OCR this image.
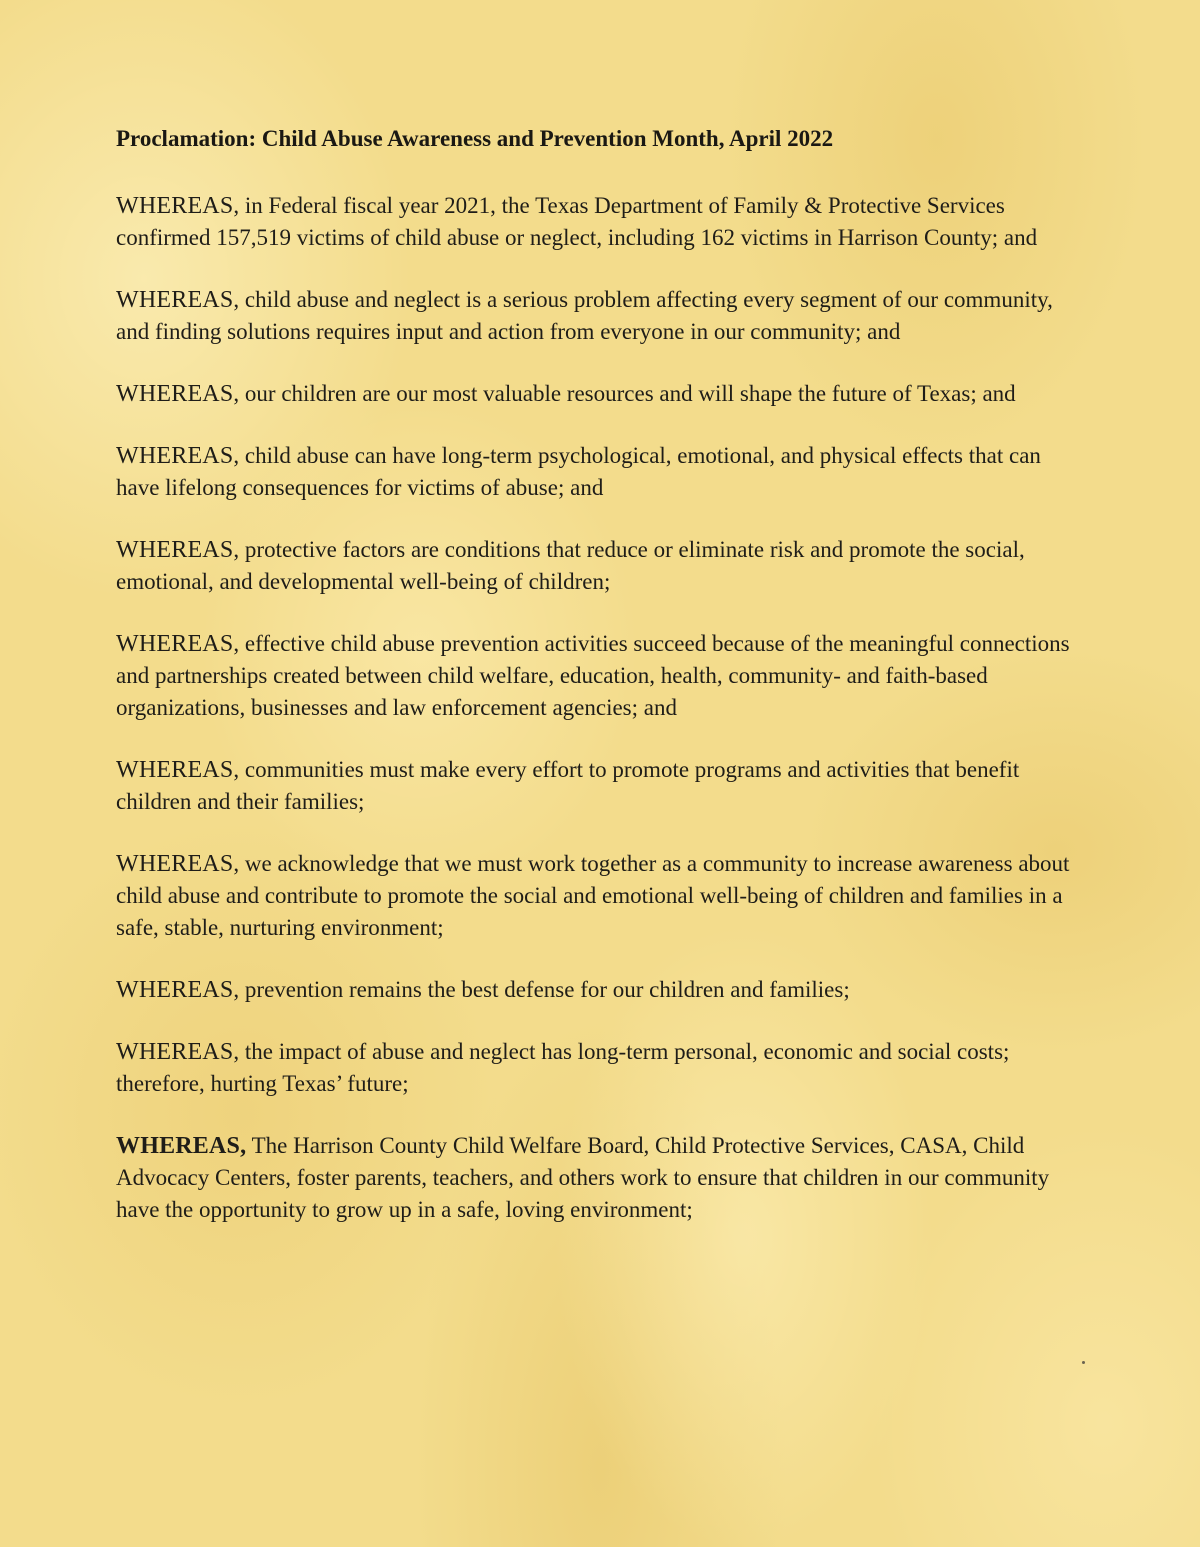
Proclamation: Child Abuse Awareness and Prevention Month, April 2022

WHEREAS, in Federal fiscal year 2021, the Texas Department of Family & Protective Services confirmed 157,519 victims of child abuse or neglect, including 162 victims in Harrison County; and

WHEREAS, child abuse and neglect is a serious problem affecting every segment of our community, and finding solutions requires input and action from everyone in our community; and

WHEREAS, our children are our most valuable resources and will shape the future of Texas; and

WHEREAS, child abuse can have long-term psychological, emotional, and physical effects that can have lifelong consequences for victims of abuse; and

WHEREAS, protective factors are conditions that reduce or eliminate risk and promote the social, emotional, and developmental well-being of children;

WHEREAS, effective child abuse prevention activities succeed because of the meaningful connections and partnerships created between child welfare, education, health, community- and faith-based organizations, businesses and law enforcement agencies; and

WHEREAS, communities must make every effort to promote programs and activities that benefit children and their families;

WHEREAS, we acknowledge that we must work together as a community to increase awareness about child abuse and contribute to promote the social and emotional well-being of children and families in a safe, stable, nurturing environment;

WHEREAS, prevention remains the best defense for our children and families;

WHEREAS, the impact of abuse and neglect has long-term personal, economic and social costs; therefore, hurting Texas’ future;

WHEREAS, The Harrison County Child Welfare Board, Child Protective Services, CASA, Child Advocacy Centers, foster parents, teachers, and others work to ensure that children in our community have the opportunity to grow up in a safe, loving environment;
